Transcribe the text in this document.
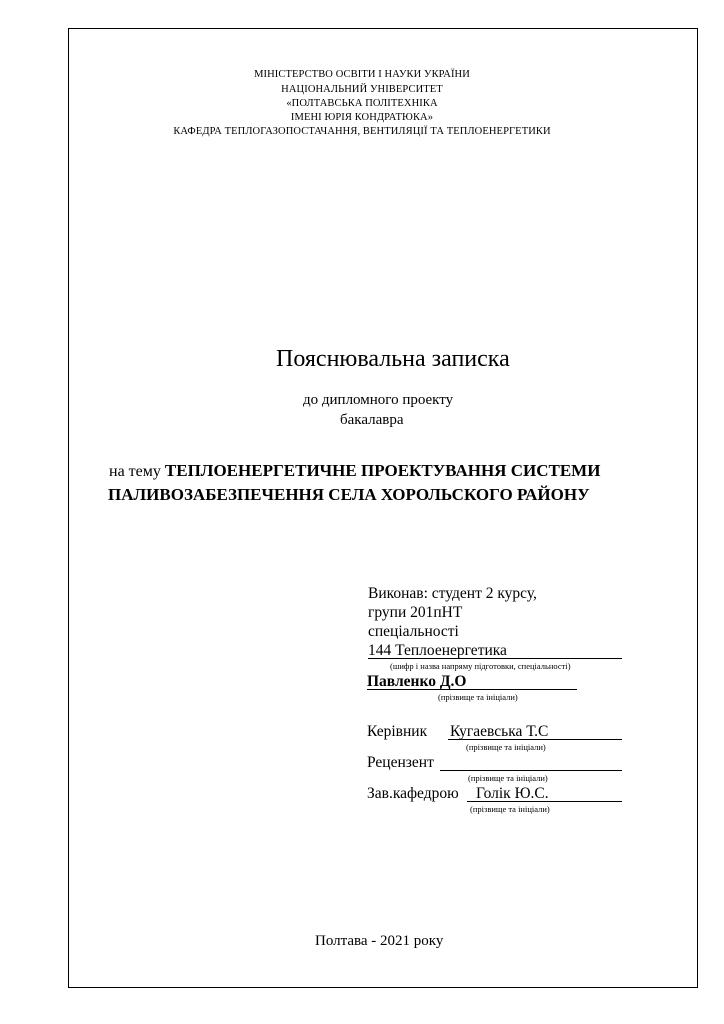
МІНІСТЕРСТВО ОСВІТИ І НАУКИ УКРАЇНИ
НАЦІОНАЛЬНИЙ УНІВЕРСИТЕТ
«ПОЛТАВСЬКА ПОЛІТЕХНІКА
ІМЕНІ ЮРІЯ КОНДРАТЮКА»
КАФЕДРА ТЕПЛОГАЗОПОСТАЧАННЯ, ВЕНТИЛЯЦІЇ ТА ТЕПЛОЕНЕРГЕТИКИ
Пояснювальна записка
до дипломного проекту
бакалавра
на тему ТЕПЛОЕНЕРГЕТИЧНЕ ПРОЕКТУВАННЯ СИСТЕМИ
ПАЛИВОЗАБЕЗПЕЧЕННЯ СЕЛА ХОРОЛЬСКОГО РАЙОНУ
Виконав: студент 2 курсу,
групи 201пНТ
спеціальності
144 Теплоенергетика
(шифр і назва напряму підготовки, спеціальності)
Павленко Д.О
(прізвище та ініціали)
Керівник Кугаевська Т.С
(прізвище та ініціали)
Рецензент
(прізвище та ініціали)
Зав.кафедрою Голік Ю.С.
(прізвище та ініціали)
Полтава - 2021 року
